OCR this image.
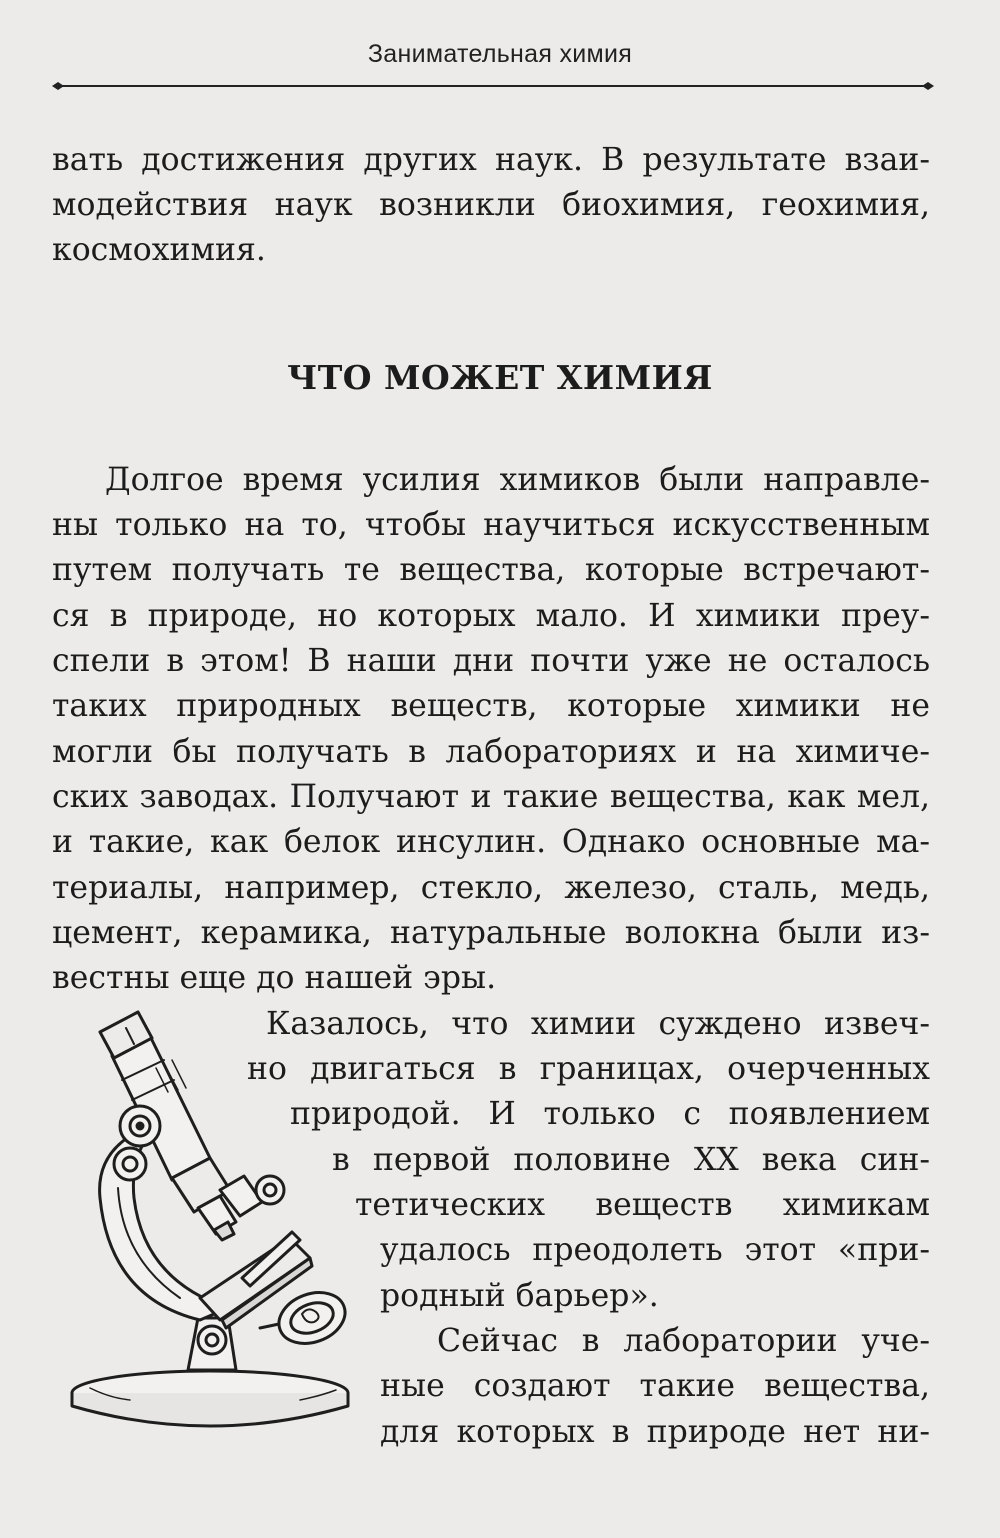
Занимательная химия
вать достижения других наук. В результате взаи-
модействия наук возникли биохимия, геохимия,
космохимия.
ЧТО МОЖЕТ ХИМИЯ
Долгое время усилия химиков были направле-
ны только на то, чтобы научиться искусственным
путем получать те вещества, которые встречают-
ся в природе, но которых мало. И химики преу-
спели в этом! В наши дни почти уже не осталось
таких природных веществ, которые химики не
могли бы получать в лабораториях и на химиче-
ских заводах. Получают и такие вещества, как мел,
и такие, как белок инсулин. Однако основные ма-
териалы, например, стекло, железо, сталь, медь,
цемент, керамика, натуральные волокна были из-
вестны еще до нашей эры.
Казалось, что химии суждено извеч-
но двигаться в границах, очерченных
природой. И только с появлением
в первой половине XX века син-
тетических веществ химикам
удалось преодолеть этот «при-
родный барьер».
Сейчас в лаборатории уче-
ные создают такие вещества,
для которых в природе нет ни-
